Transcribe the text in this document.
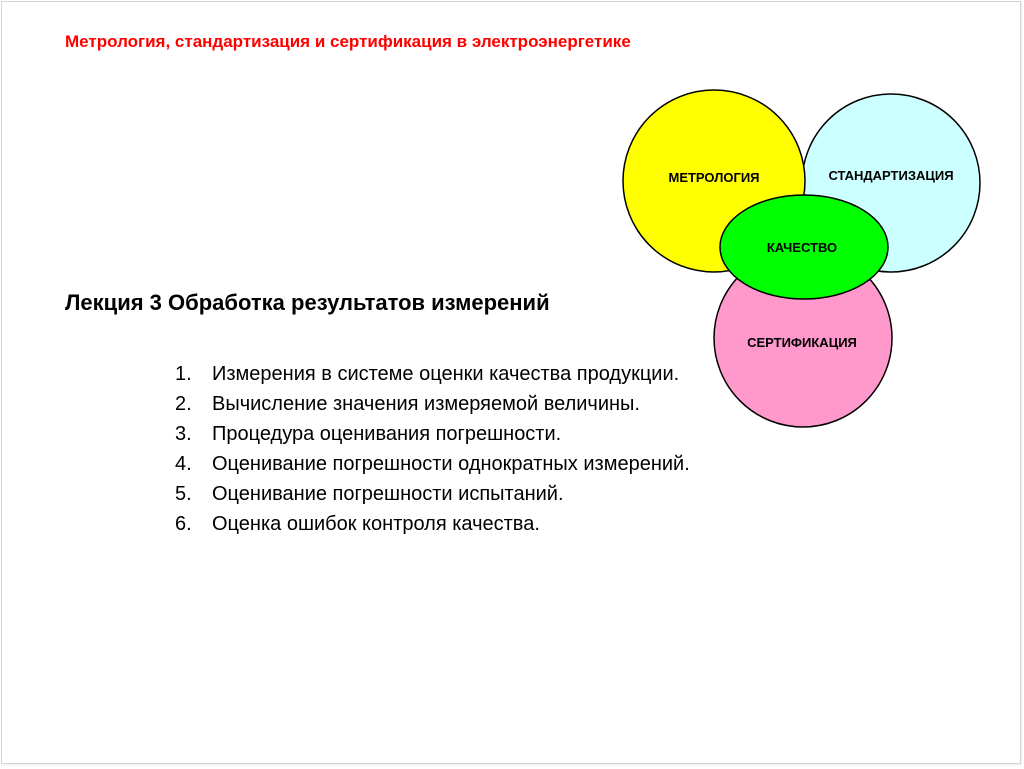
Метрология, стандартизация и сертификация в электроэнергетике
МЕТРОЛОГИЯ	СТАНДАРТИЗАЦИЯ
КАЧЕСТВО
СЕРТИФИКАЦИЯ
Лекция 3 Обработка результатов измерений
1. Измерения в системе оценки качества продукции.
2. Вычисление значения измеряемой величины.
3. Процедура оценивания погрешности.
4. Оценивание погрешности однократных измерений.
5. Оценивание погрешности испытаний.
6. Оценка ошибок контроля качества.
